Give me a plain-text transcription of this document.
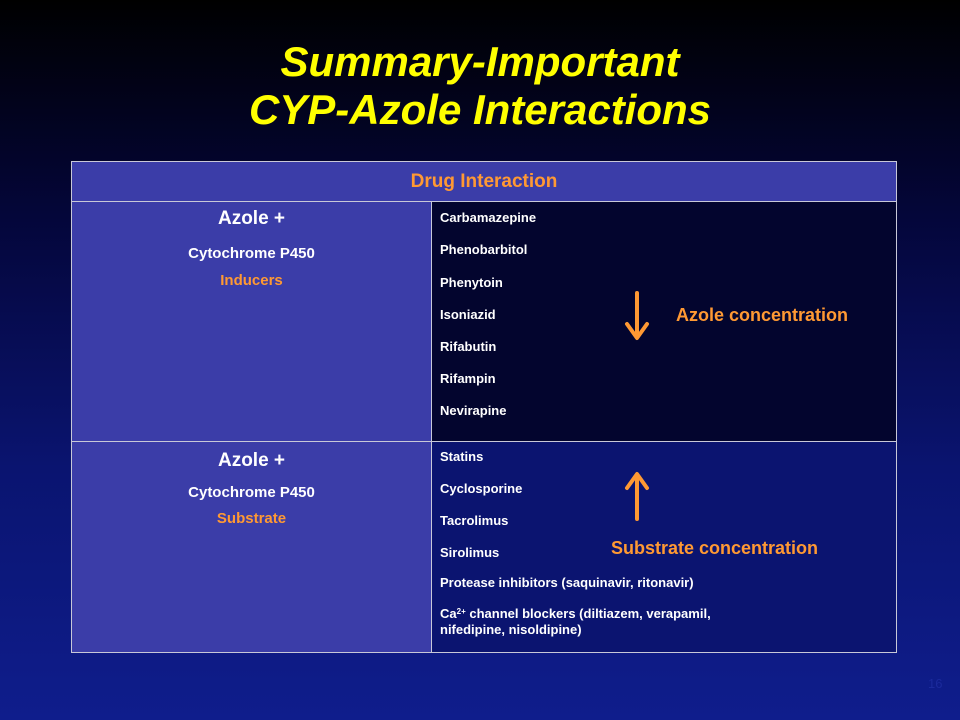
Summary-Important
CYP-Azole Interactions
Drug Interaction
Azole +
Cytochrome P450
Inducers
Carbamazepine
Phenobarbitol
Phenytoin
Isoniazid
Rifabutin
Rifampin
Nevirapine
Azole concentration
Azole +
Cytochrome P450
Substrate
Statins
Cyclosporine
Tacrolimus
Sirolimus
Protease inhibitors (saquinavir, ritonavir)
$Ca^{2+}$ channel blockers (diltiazem, verapamil,
nifedipine, nisoldipine)
Substrate concentration
16
